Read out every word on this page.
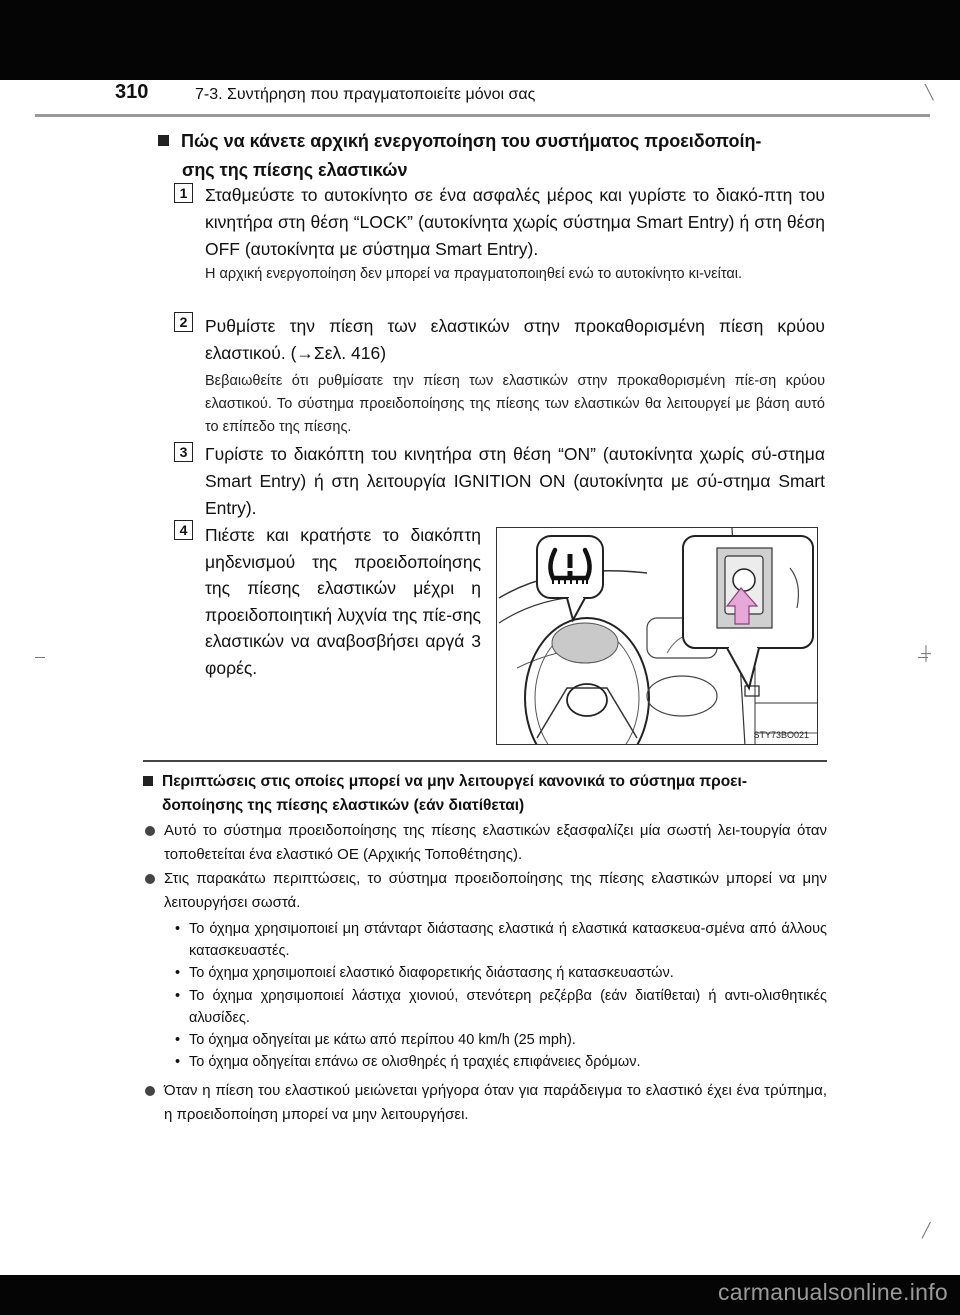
310	7-3. Συντήρηση που πραγματοποιείτε μόνοι σας	╲
┼
╱
Πώς να κάνετε αρχική ενεργοποίηση του συστήματος προειδοποίη-
σης της πίεσης ελαστικών
1	Σταθμεύστε το αυτοκίνητο σε ένα ασφαλές μέρος και γυρίστε το διακό-πτη του κινητήρα στη θέση “LOCK” (αυτοκίνητα χωρίς σύστημα Smart Entry) ή στη θέση OFF (αυτοκίνητα με σύστημα Smart Entry).
Η αρχική ενεργοποίηση δεν μπορεί να πραγματοποιηθεί ενώ το αυτοκίνητο κι-νείται.
2	Ρυθμίστε την πίεση των ελαστικών στην προκαθορισμένη πίεση κρύου ελαστικού. (→Σελ. 416)
Βεβαιωθείτε ότι ρυθμίσατε την πίεση των ελαστικών στην προκαθορισμένη πίε-ση κρύου ελαστικού. Το σύστημα προειδοποίησης της πίεσης των ελαστικών θα λειτουργεί με βάση αυτό το επίπεδο της πίεσης.
3	Γυρίστε το διακόπτη του κινητήρα στη θέση “ON” (αυτοκίνητα χωρίς σύ-στημα Smart Entry) ή στη λειτουργία IGNITION ON (αυτοκίνητα με σύ-στημα Smart Entry).
4	Πιέστε και κρατήστε το διακόπτη μηδενισμού της προειδοποίησης της πίεσης ελαστικών μέχρι η προειδοποιητική λυχνία της πίε-σης ελαστικών να αναβοσβήσει αργά 3 φορές.
STY73BO021
Περιπτώσεις στις οποίες μπορεί να μην λειτουργεί κανονικά το σύστημα προει-
δοποίησης της πίεσης ελαστικών (εάν διατίθεται)
Αυτό το σύστημα προειδοποίησης της πίεσης ελαστικών εξασφαλίζει μία σωστή λει-τουργία όταν τοποθετείται ένα ελαστικό OE (Αρχικής Τοποθέτησης).
Στις παρακάτω περιπτώσεις, το σύστημα προειδοποίησης της πίεσης ελαστικών μπορεί να μην λειτουργήσει σωστά.
• Το όχημα χρησιμοποιεί μη στάνταρτ διάστασης ελαστικά ή ελαστικά κατασκευα-σμένα από άλλους κατασκευαστές.
• Το όχημα χρησιμοποιεί ελαστικό διαφορετικής διάστασης ή κατασκευαστών.
• Το όχημα χρησιμοποιεί λάστιχα χιονιού, στενότερη ρεζέρβα (εάν διατίθεται) ή αντι-ολισθητικές αλυσίδες.
• Το όχημα οδηγείται με κάτω από περίπου 40 km/h (25 mph).
• Το όχημα οδηγείται επάνω σε ολισθηρές ή τραχιές επιφάνειες δρόμων.
Όταν η πίεση του ελαστικού μειώνεται γρήγορα όταν για παράδειγμα το ελαστικό έχει ένα τρύπημα, η προειδοποίηση μπορεί να μην λειτουργήσει.
carmanualsonline.info
